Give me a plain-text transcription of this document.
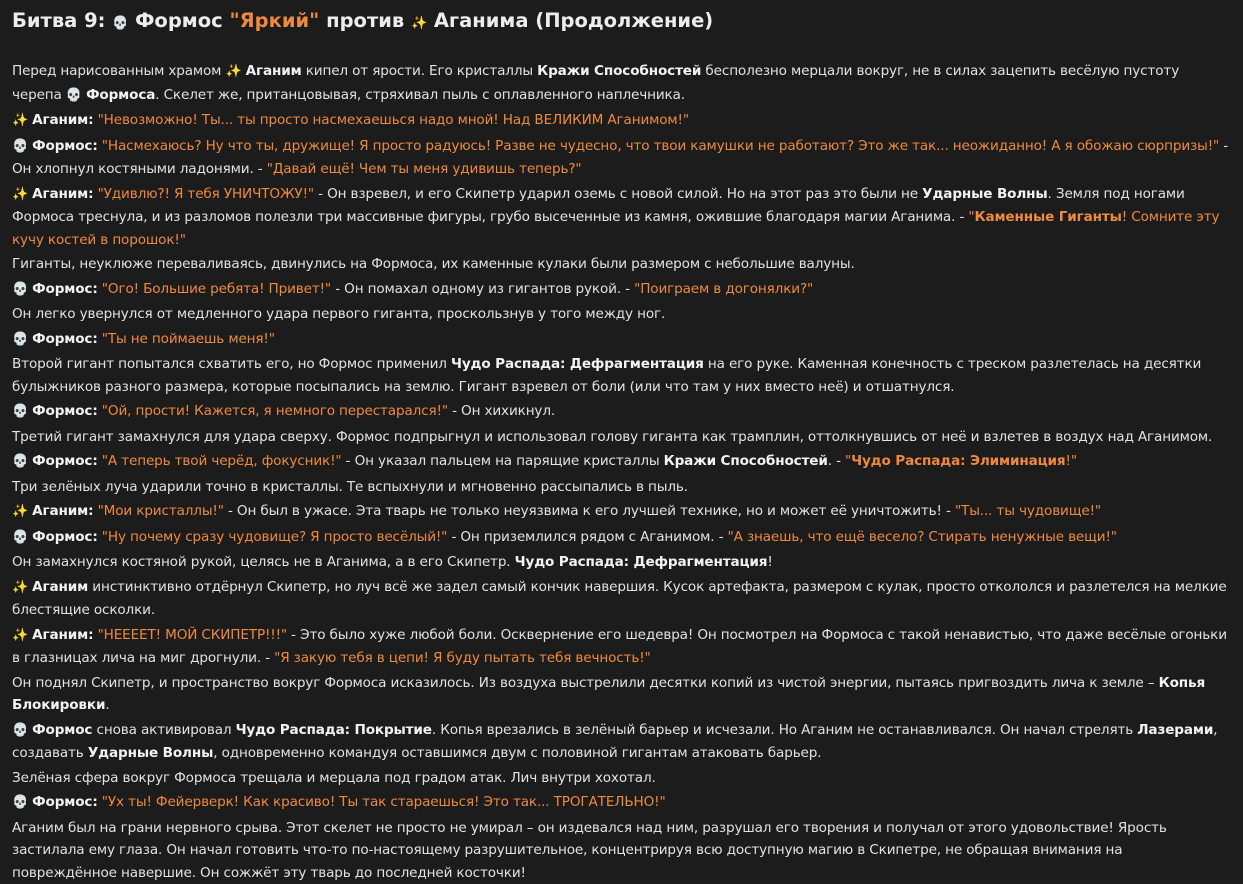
Битва 9: 💀 Формос "Яркий" против ✨ Аганима (Продолжение)
Перед нарисованным храмом ✨ Аганим кипел от ярости. Его кристаллы Кражи Способностей бесполезно мерцали вокруг, не в силах зацепить весёлую пустоту черепа 💀 Формоса. Скелет же, пританцовывая, стряхивал пыль с оплавленного наплечника.
✨ Аганим: "Невозможно! Ты... ты просто насмехаешься надо мной! Над ВЕЛИКИМ Аганимом!"
💀 Формос: "Насмехаюсь? Ну что ты, дружище! Я просто радуюсь! Разве не чудесно, что твои камушки не работают? Это же так... неожиданно! А я обожаю сюрпризы!" - Он хлопнул костяными ладонями. - "Давай ещё! Чем ты меня удивишь теперь?"
✨ Аганим: "Удивлю?! Я тебя УНИЧТОЖУ!" - Он взревел, и его Скипетр ударил оземь с новой силой. Но на этот раз это были не Ударные Волны. Земля под ногами Формоса треснула, и из разломов полезли три массивные фигуры, грубо высеченные из камня, ожившие благодаря магии Аганима. - "Каменные Гиганты! Сомните эту кучу костей в порошок!"
Гиганты, неуклюже переваливаясь, двинулись на Формоса, их каменные кулаки были размером с небольшие валуны.
💀 Формос: "Ого! Большие ребята! Привет!" - Он помахал одному из гигантов рукой. - "Поиграем в догонялки?"
Он легко увернулся от медленного удара первого гиганта, проскользнув у того между ног.
💀 Формос: "Ты не поймаешь меня!"
Второй гигант попытался схватить его, но Формос применил Чудо Распада: Дефрагментация на его руке. Каменная конечность с треском разлетелась на десятки булыжников разного размера, которые посыпались на землю. Гигант взревел от боли (или что там у них вместо неё) и отшатнулся.
💀 Формос: "Ой, прости! Кажется, я немного перестарался!" - Он хихикнул.
Третий гигант замахнулся для удара сверху. Формос подпрыгнул и использовал голову гиганта как трамплин, оттолкнувшись от неё и взлетев в воздух над Аганимом.
💀 Формос: "А теперь твой черёд, фокусник!" - Он указал пальцем на парящие кристаллы Кражи Способностей. - "Чудо Распада: Элиминация!"
Три зелёных луча ударили точно в кристаллы. Те вспыхнули и мгновенно рассыпались в пыль.
✨ Аганим: "Мои кристаллы!" - Он был в ужасе. Эта тварь не только неуязвима к его лучшей технике, но и может её уничтожить! - "Ты... ты чудовище!"
💀 Формос: "Ну почему сразу чудовище? Я просто весёлый!" - Он приземлился рядом с Аганимом. - "А знаешь, что ещё весело? Стирать ненужные вещи!"
Он замахнулся костяной рукой, целясь не в Аганима, а в его Скипетр. Чудо Распада: Дефрагментация!
✨ Аганим инстинктивно отдёрнул Скипетр, но луч всё же задел самый кончик навершия. Кусок артефакта, размером с кулак, просто откололся и разлетелся на мелкие блестящие осколки.
✨ Аганим: "НЕЕЕЕТ! МОЙ СКИПЕТР!!!" - Это было хуже любой боли. Осквернение его шедевра! Он посмотрел на Формоса с такой ненавистью, что даже весёлые огоньки в глазницах лича на миг дрогнули. - "Я закую тебя в цепи! Я буду пытать тебя вечность!"
Он поднял Скипетр, и пространство вокруг Формоса исказилось. Из воздуха выстрелили десятки копий из чистой энергии, пытаясь пригвоздить лича к земле – Копья Блокировки.
💀 Формос снова активировал Чудо Распада: Покрытие. Копья врезались в зелёный барьер и исчезали. Но Аганим не останавливался. Он начал стрелять Лазерами, создавать Ударные Волны, одновременно командуя оставшимся двум с половиной гигантам атаковать барьер.
Зелёная сфера вокруг Формоса трещала и мерцала под градом атак. Лич внутри хохотал.
💀 Формос: "Ух ты! Фейерверк! Как красиво! Ты так стараешься! Это так... ТРОГАТЕЛЬНО!"
Аганим был на грани нервного срыва. Этот скелет не просто не умирал – он издевался над ним, разрушал его творения и получал от этого удовольствие! Ярость застилала ему глаза. Он начал готовить что-то по-настоящему разрушительное, концентрируя всю доступную магию в Скипетре, не обращая внимания на повреждённое навершие. Он сожжёт эту тварь до последней косточки!
